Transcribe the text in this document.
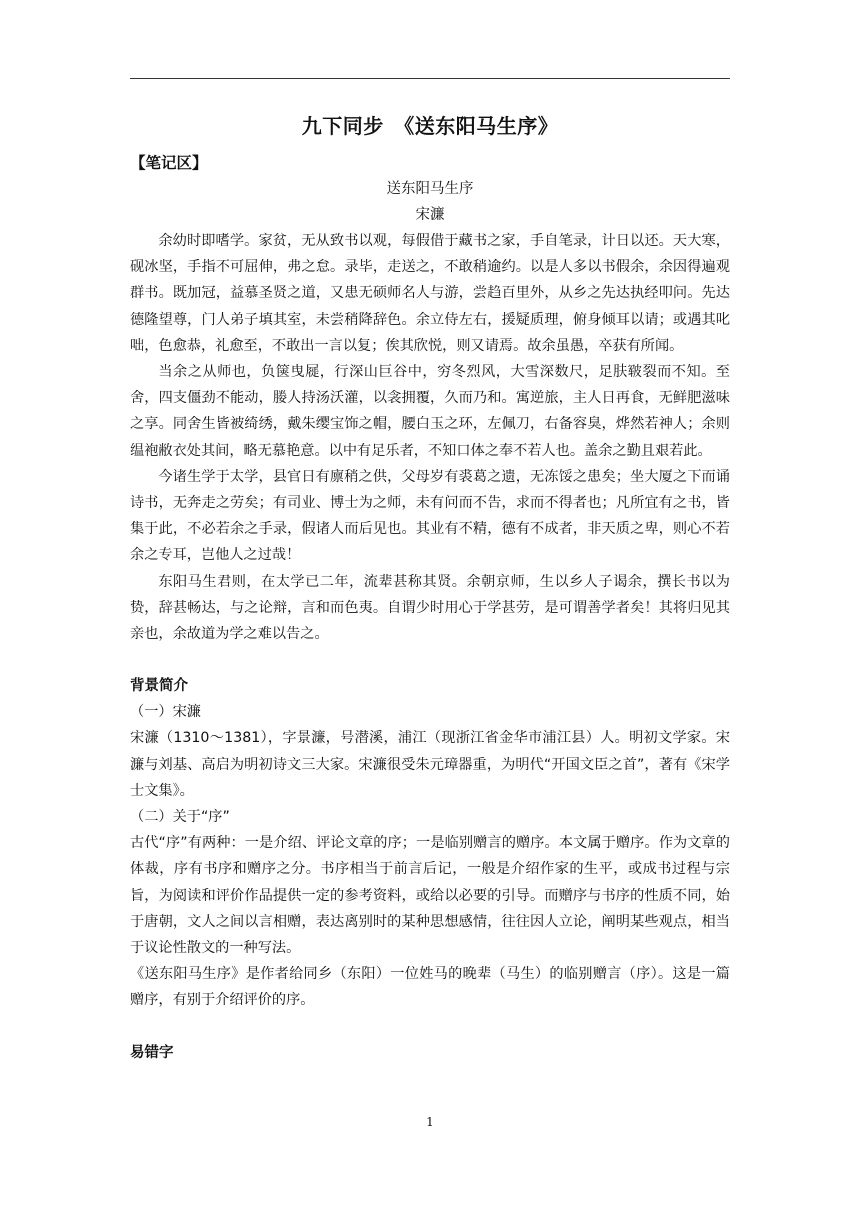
九下同步　《送东阳马生序》
【笔记区】
送东阳马生序
宋濂

余幼时即嗜学。家贫，无从致书以观，每假借于藏书之家，手自笔录，计日以还。天大寒，砚冰坚，手指不可屈伸，弗之怠。录毕，走送之，不敢稍逾约。以是人多以书假余，余因得遍观群书。既加冠，益慕圣贤之道，又患无硕师名人与游，尝趋百里外，从乡之先达执经叩问。先达德隆望尊，门人弟子填其室，未尝稍降辞色。余立侍左右，援疑质理，俯身倾耳以请；或遇其叱咄，色愈恭，礼愈至，不敢出一言以复；俟其欣悦，则又请焉。故余虽愚，卒获有所闻。

当余之从师也，负箧曳屣，行深山巨谷中，穷冬烈风，大雪深数尺，足肤皲裂而不知。至舍，四支僵劲不能动，媵人持汤沃灌，以衾拥覆，久而乃和。寓逆旅，主人日再食，无鲜肥滋味之享。同舍生皆被绮绣，戴朱缨宝饰之帽，腰白玉之环，左佩刀，右备容臭，烨然若神人；余则缊袍敝衣处其间，略无慕艳意。以中有足乐者，不知口体之奉不若人也。盖余之勤且艰若此。

今诸生学于太学，县官日有廪稍之供，父母岁有裘葛之遗，无冻馁之患矣；坐大厦之下而诵诗书，无奔走之劳矣；有司业、博士为之师，未有问而不告，求而不得者也；凡所宜有之书，皆集于此，不必若余之手录，假诸人而后见也。其业有不精，德有不成者，非天质之卑，则心不若余之专耳，岂他人之过哉！

东阳马生君则，在太学已二年，流辈甚称其贤。余朝京师，生以乡人子谒余，撰长书以为贽，辞甚畅达，与之论辩，言和而色夷。自谓少时用心于学甚劳，是可谓善学者矣！其将归见其亲也，余故道为学之难以告之。

背景简介

（一）宋濂

宋濂（1310～1381），字景濂，号潜溪，浦江（现浙江省金华市浦江县）人。明初文学家。宋濂与刘基、高启为明初诗文三大家。宋濂很受朱元璋器重，为明代“开国文臣之首”，著有《宋学士文集》。

（二）关于“序”

古代“序”有两种：一是介绍、评论文章的序；一是临别赠言的赠序。本文属于赠序。作为文章的体裁，序有书序和赠序之分。书序相当于前言后记，一般是介绍作家的生平，或成书过程与宗旨，为阅读和评价作品提供一定的参考资料，或给以必要的引导。而赠序与书序的性质不同，始于唐朝，文人之间以言相赠，表达离别时的某种思想感情，往往因人立论，阐明某些观点，相当于议论性散文的一种写法。

《送东阳马生序》是作者给同乡（东阳）一位姓马的晚辈（马生）的临别赠言（序）。这是一篇赠序，有别于介绍评价的序。

易错字
1
